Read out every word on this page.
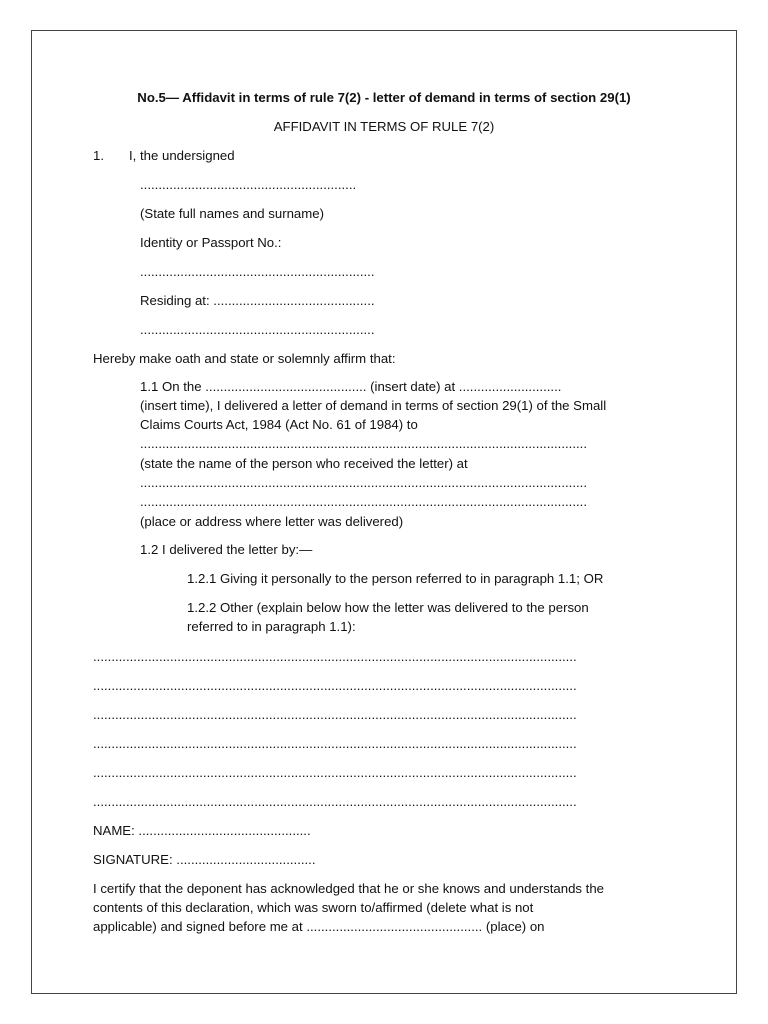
No.5— Affidavit in terms of rule 7(2) - letter of demand in terms of section 29(1)
AFFIDAVIT IN TERMS OF RULE 7(2)
1. I, the undersigned
...........................................................
(State full names and surname)
Identity or Passport No.:
................................................................
Residing at: ............................................
................................................................
Hereby make oath and state or solemnly affirm that:
1.1 On the ............................................ (insert date) at ............................
(insert time), I delivered a letter of demand in terms of section 29(1) of the Small
Claims Courts Act, 1984 (Act No. 61 of 1984) to
..........................................................................................................................
(state the name of the person who received the letter) at
..........................................................................................................................
..........................................................................................................................
(place or address where letter was delivered)
1.2 I delivered the letter by:—
1.2.1 Giving it personally to the person referred to in paragraph 1.1; OR
1.2.2 Other (explain below how the letter was delivered to the person
referred to in paragraph 1.1):
....................................................................................................................................
....................................................................................................................................
....................................................................................................................................
....................................................................................................................................
....................................................................................................................................
....................................................................................................................................
NAME: ...............................................
SIGNATURE: ......................................
I certify that the deponent has acknowledged that he or she knows and understands the
contents of this declaration, which was sworn to/affirmed (delete what is not
applicable) and signed before me at ................................................ (place) on
